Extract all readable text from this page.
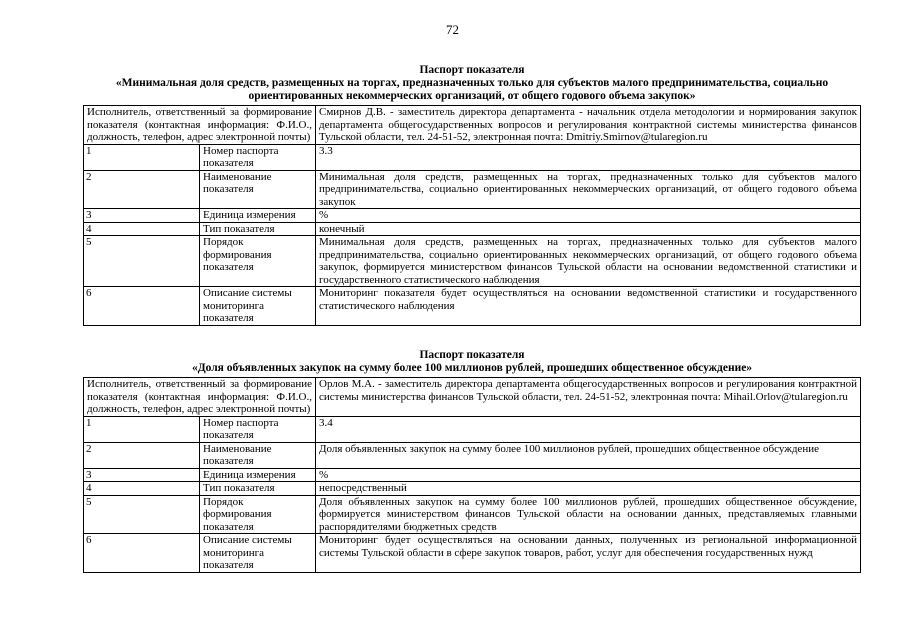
72
Паспорт показателя
«Минимальная доля средств, размещенных на торгах, предназначенных только для субъектов малого предпринимательства, социально ориентированных некоммерческих организаций, от общего годового объема закупок»
Исполнитель, ответственный за формирование показателя (контактная информация: Ф.И.О., должность, телефон, адрес электронной почты)		Смирнов Д.В. - заместитель директора департамента - начальник отдела методологии и нормирования закупок департамента общегосударственных вопросов и регулирования контрактной системы министерства финансов Тульской области, тел. 24-51-52, электронная почта: Dmitriy.Smirnov@tularegion.ru
1	Номер паспорта показателя	3.3
2	Наименование показателя	Минимальная доля средств, размещенных на торгах, предназначенных только для субъектов малого предпринимательства, социально ориентированных некоммерческих организаций, от общего годового объема закупок
3	Единица измерения	%
4	Тип показателя	конечный
5	Порядок формирования показателя	Минимальная доля средств, размещенных на торгах, предназначенных только для субъектов малого предпринимательства, социально ориентированных некоммерческих организаций, от общего годового объема закупок, формируется министерством финансов Тульской области на основании ведомственной статистики и государственного статистического наблюдения
6	Описание системы мониторинга показателя	Мониторинг показателя будет осуществляться на основании ведомственной статистики и государственного статистического наблюдения
Паспорт показателя
«Доля объявленных закупок на сумму более 100 миллионов рублей, прошедших общественное обсуждение»
Исполнитель, ответственный за формирование показателя (контактная информация: Ф.И.О., должность, телефон, адрес электронной почты)		Орлов М.А. - заместитель директора департамента общегосударственных вопросов и регулирования контрактной системы министерства финансов Тульской области, тел. 24-51-52, электронная почта: Mihail.Orlov@tularegion.ru
1	Номер паспорта показателя	3.4
2	Наименование показателя	Доля объявленных закупок на сумму более 100 миллионов рублей, прошедших общественное обсуждение
3	Единица измерения	%
4	Тип показателя	непосредственный
5	Порядок формирования показателя	Доля объявленных закупок на сумму более 100 миллионов рублей, прошедших общественное обсуждение, формируется министерством финансов Тульской области на основании данных, представляемых главными распорядителями бюджетных средств
6	Описание системы мониторинга показателя	Мониторинг будет осуществляться на основании данных, полученных из региональной информационной системы Тульской области в сфере закупок товаров, работ, услуг для обеспечения государственных нужд
